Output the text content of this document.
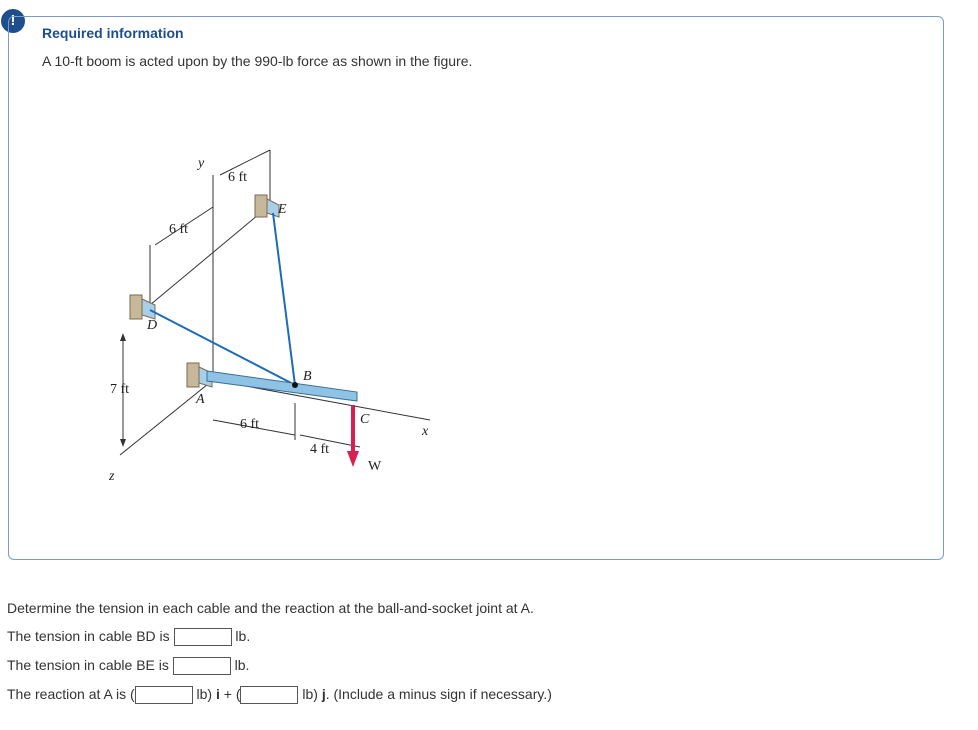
!
Required information
A 10-ft boom is acted upon by the 990-lb force as shown in the figure.
y
6 ft
E
6 ft
D
B
7 ft
A
C
x
6 ft
4 ft
W
z
Determine the tension in each cable and the reaction at the ball-and-socket joint at A.
The tension in cable BD is	lb.
The tension in cable BE is	lb.
The reaction at A is (	lb) i + (	lb) j. (Include a minus sign if necessary.)
